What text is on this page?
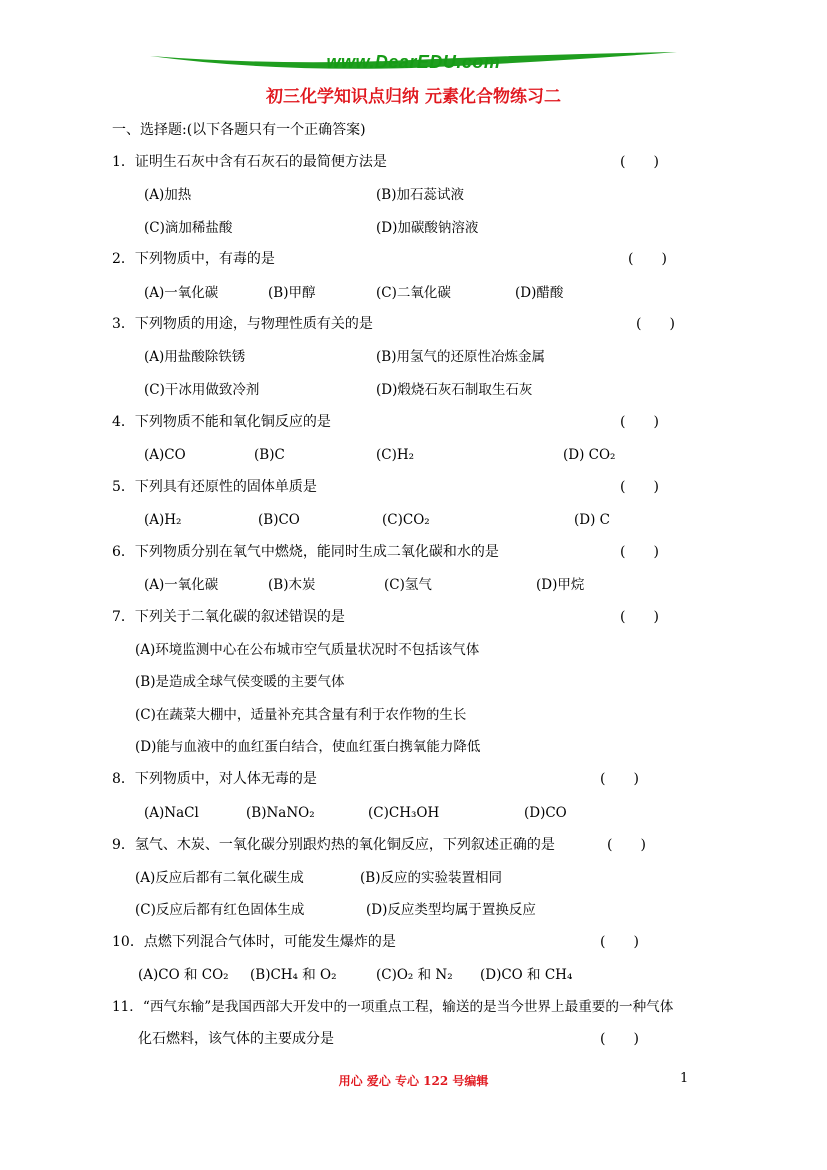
www.DearEDU.com
初三化学知识点归纳 元素化合物练习二
一、选择题:(以下各题只有一个正确答案)
1．证明生石灰中含有石灰石的最简便方法是	(　　)
(A)加热	(B)加石蕊试液
(C)滴加稀盐酸	(D)加碳酸钠溶液
2．下列物质中，有毒的是	(　　)
(A)一氧化碳	(B)甲醇	(C)二氧化碳	(D)醋酸
3．下列物质的用途，与物理性质有关的是	(　　)
(A)用盐酸除铁锈	(B)用氢气的还原性冶炼金属
(C)干冰用做致冷剂	(D)煅烧石灰石制取生石灰
4．下列物质不能和氧化铜反应的是	(　　)
(A)CO	(B)C	(C)H₂	(D) CO₂
5．下列具有还原性的固体单质是	(　　)
(A)H₂	(B)CO	(C)CO₂	(D) C
6．下列物质分别在氧气中燃烧，能同时生成二氧化碳和水的是	(　　)
(A)一氧化碳	(B)木炭	(C)氢气	(D)甲烷
7．下列关于二氧化碳的叙述错误的是	(　　)
(A)环境监测中心在公布城市空气质量状况时不包括该气体
(B)是造成全球气侯变暖的主要气体
(C)在蔬菜大棚中，适量补充其含量有利于农作物的生长
(D)能与血液中的血红蛋白结合，使血红蛋白携氧能力降低
8．下列物质中，对人体无毒的是	(　　)
(A)NaCl	(B)NaNO₂	(C)CH₃OH	(D)CO
9．氢气、木炭、一氧化碳分别跟灼热的氧化铜反应，下列叙述正确的是	(　　)
(A)反应后都有二氧化碳生成	(B)反应的实验装置相同
(C)反应后都有红色固体生成	(D)反应类型均属于置换反应
10．点燃下列混合气体时，可能发生爆炸的是	(　　)
(A)CO 和 CO₂ (B)CH₄ 和 O₂	(C)O₂ 和 N₂ (D)CO 和 CH₄
11．“西气东输”是我国西部大开发中的一项重点工程，输送的是当今世界上最重要的一种气体
化石燃料，该气体的主要成分是	(　　)
用心 爱心 专心 122 号编辑	1
